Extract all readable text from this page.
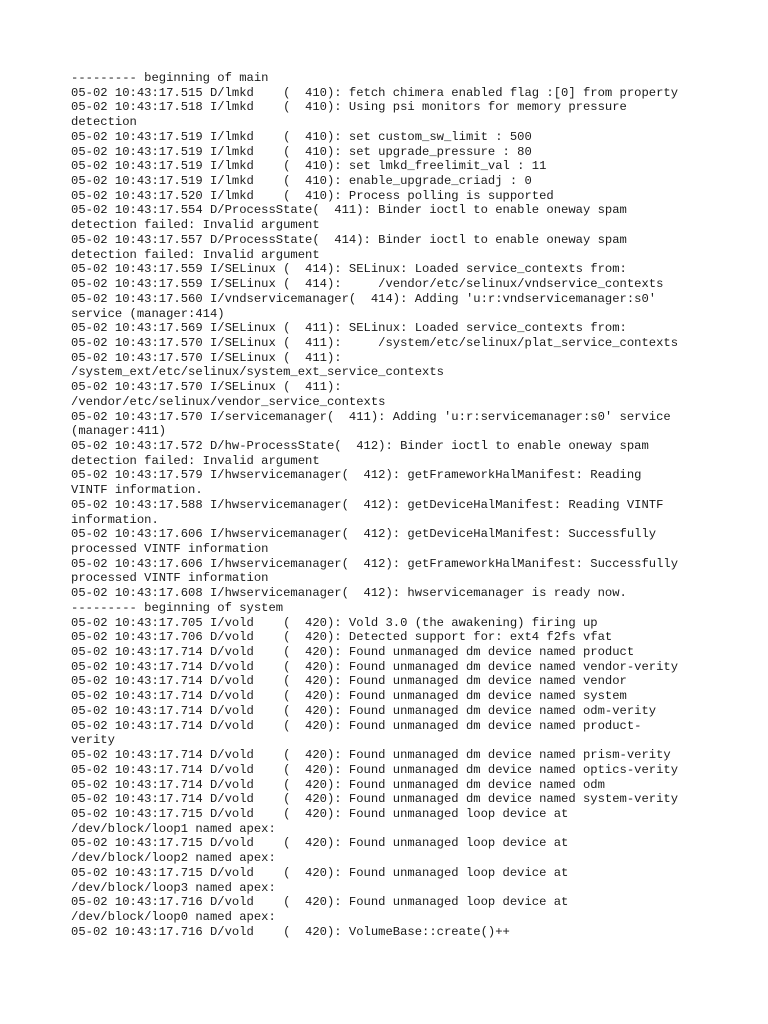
--------- beginning of main
05-02 10:43:17.515 D/lmkd    (  410): fetch chimera enabled flag :[0] from property
05-02 10:43:17.518 I/lmkd    (  410): Using psi monitors for memory pressure
detection
05-02 10:43:17.519 I/lmkd    (  410): set custom_sw_limit : 500
05-02 10:43:17.519 I/lmkd    (  410): set upgrade_pressure : 80
05-02 10:43:17.519 I/lmkd    (  410): set lmkd_freelimit_val : 11
05-02 10:43:17.519 I/lmkd    (  410): enable_upgrade_criadj : 0
05-02 10:43:17.520 I/lmkd    (  410): Process polling is supported
05-02 10:43:17.554 D/ProcessState(  411): Binder ioctl to enable oneway spam
detection failed: Invalid argument
05-02 10:43:17.557 D/ProcessState(  414): Binder ioctl to enable oneway spam
detection failed: Invalid argument
05-02 10:43:17.559 I/SELinux (  414): SELinux: Loaded service_contexts from:
05-02 10:43:17.559 I/SELinux (  414):     /vendor/etc/selinux/vndservice_contexts
05-02 10:43:17.560 I/vndservicemanager(  414): Adding 'u:r:vndservicemanager:s0'
service (manager:414)
05-02 10:43:17.569 I/SELinux (  411): SELinux: Loaded service_contexts from:
05-02 10:43:17.570 I/SELinux (  411):     /system/etc/selinux/plat_service_contexts
05-02 10:43:17.570 I/SELinux (  411):
/system_ext/etc/selinux/system_ext_service_contexts
05-02 10:43:17.570 I/SELinux (  411):
/vendor/etc/selinux/vendor_service_contexts
05-02 10:43:17.570 I/servicemanager(  411): Adding 'u:r:servicemanager:s0' service
(manager:411)
05-02 10:43:17.572 D/hw-ProcessState(  412): Binder ioctl to enable oneway spam
detection failed: Invalid argument
05-02 10:43:17.579 I/hwservicemanager(  412): getFrameworkHalManifest: Reading
VINTF information.
05-02 10:43:17.588 I/hwservicemanager(  412): getDeviceHalManifest: Reading VINTF
information.
05-02 10:43:17.606 I/hwservicemanager(  412): getDeviceHalManifest: Successfully
processed VINTF information
05-02 10:43:17.606 I/hwservicemanager(  412): getFrameworkHalManifest: Successfully
processed VINTF information
05-02 10:43:17.608 I/hwservicemanager(  412): hwservicemanager is ready now.
--------- beginning of system
05-02 10:43:17.705 I/vold    (  420): Vold 3.0 (the awakening) firing up
05-02 10:43:17.706 D/vold    (  420): Detected support for: ext4 f2fs vfat
05-02 10:43:17.714 D/vold    (  420): Found unmanaged dm device named product
05-02 10:43:17.714 D/vold    (  420): Found unmanaged dm device named vendor-verity
05-02 10:43:17.714 D/vold    (  420): Found unmanaged dm device named vendor
05-02 10:43:17.714 D/vold    (  420): Found unmanaged dm device named system
05-02 10:43:17.714 D/vold    (  420): Found unmanaged dm device named odm-verity
05-02 10:43:17.714 D/vold    (  420): Found unmanaged dm device named product-
verity
05-02 10:43:17.714 D/vold    (  420): Found unmanaged dm device named prism-verity
05-02 10:43:17.714 D/vold    (  420): Found unmanaged dm device named optics-verity
05-02 10:43:17.714 D/vold    (  420): Found unmanaged dm device named odm
05-02 10:43:17.714 D/vold    (  420): Found unmanaged dm device named system-verity
05-02 10:43:17.715 D/vold    (  420): Found unmanaged loop device at
/dev/block/loop1 named apex:
05-02 10:43:17.715 D/vold    (  420): Found unmanaged loop device at
/dev/block/loop2 named apex:
05-02 10:43:17.715 D/vold    (  420): Found unmanaged loop device at
/dev/block/loop3 named apex:
05-02 10:43:17.716 D/vold    (  420): Found unmanaged loop device at
/dev/block/loop0 named apex:
05-02 10:43:17.716 D/vold    (  420): VolumeBase::create()++
